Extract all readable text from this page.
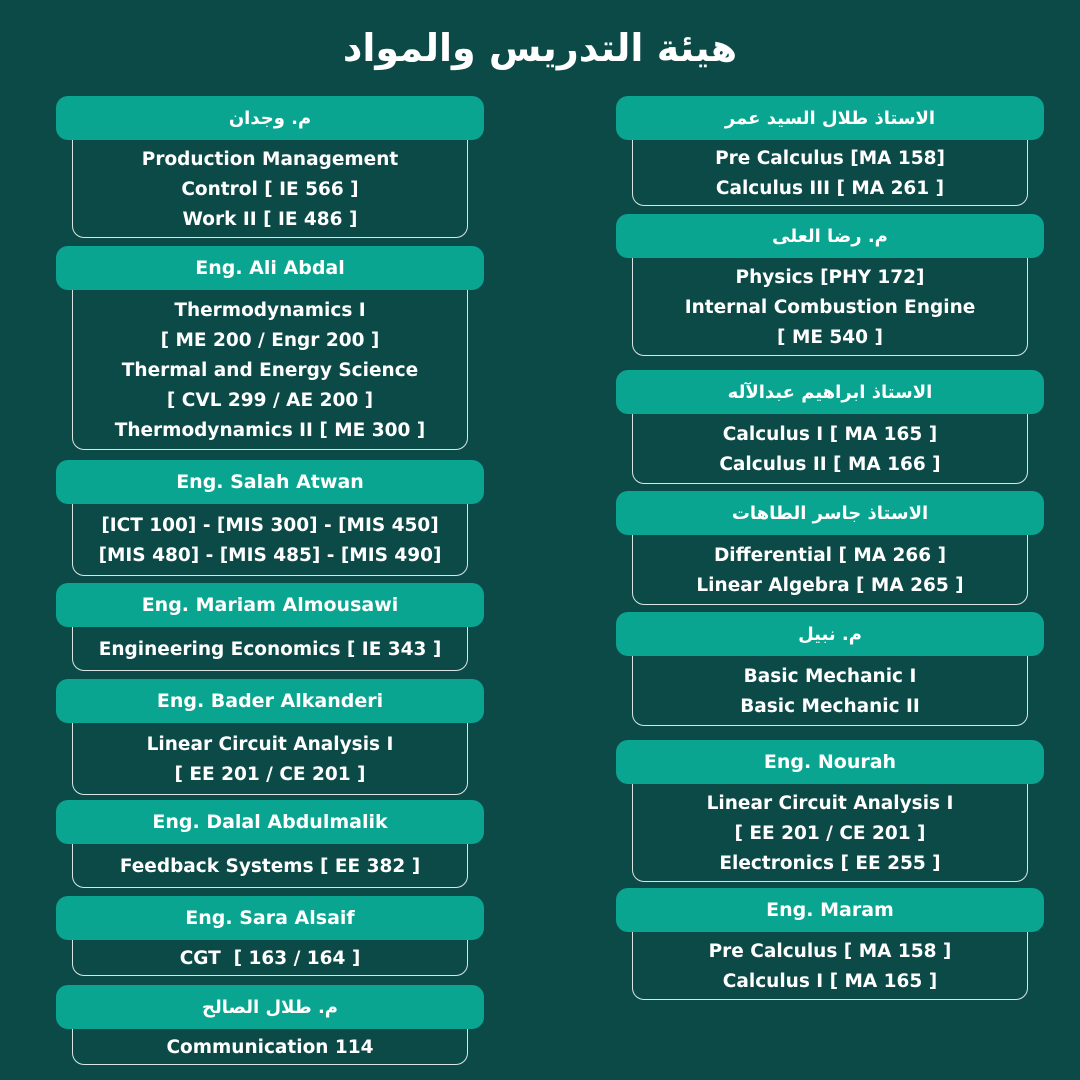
هيئة التدريس والمواد
م. وجدان
Production Management
Control [ IE 566 ]
Work II [ IE 486 ]
Eng. Ali Abdal
Thermodynamics I
[ ME 200 / Engr 200 ]
Thermal and Energy Science
[ CVL 299 / AE 200 ]
Thermodynamics II [ ME 300 ]
Eng. Salah Atwan
[ICT 100] - [MIS 300] - [MIS 450]
[MIS 480] - [MIS 485] - [MIS 490]
Eng. Mariam Almousawi
Engineering Economics [ IE 343 ]
Eng. Bader Alkanderi
Linear Circuit Analysis I
[ EE 201 / CE 201 ]
Eng. Dalal Abdulmalik
Feedback Systems [ EE 382 ]
Eng. Sara Alsaif
CGT  [ 163 / 164 ]
م. طلال الصالح
Communication 114
الاستاذ طلال السيد عمر
Pre Calculus [MA 158]
Calculus III [ MA 261 ]
م. رضا العلى
Physics [PHY 172]
Internal Combustion Engine
[ ME 540 ]
الاستاذ ابراهيم عبدالآله
Calculus I [ MA 165 ]
Calculus II [ MA 166 ]
الاستاذ جاسر الطاهات
Differential [ MA 266 ]
Linear Algebra [ MA 265 ]
م. نبيل
Basic Mechanic I
Basic Mechanic II
Eng. Nourah
Linear Circuit Analysis I
[ EE 201 / CE 201 ]
Electronics [ EE 255 ]
Eng. Maram
Pre Calculus [ MA 158 ]
Calculus I [ MA 165 ]
